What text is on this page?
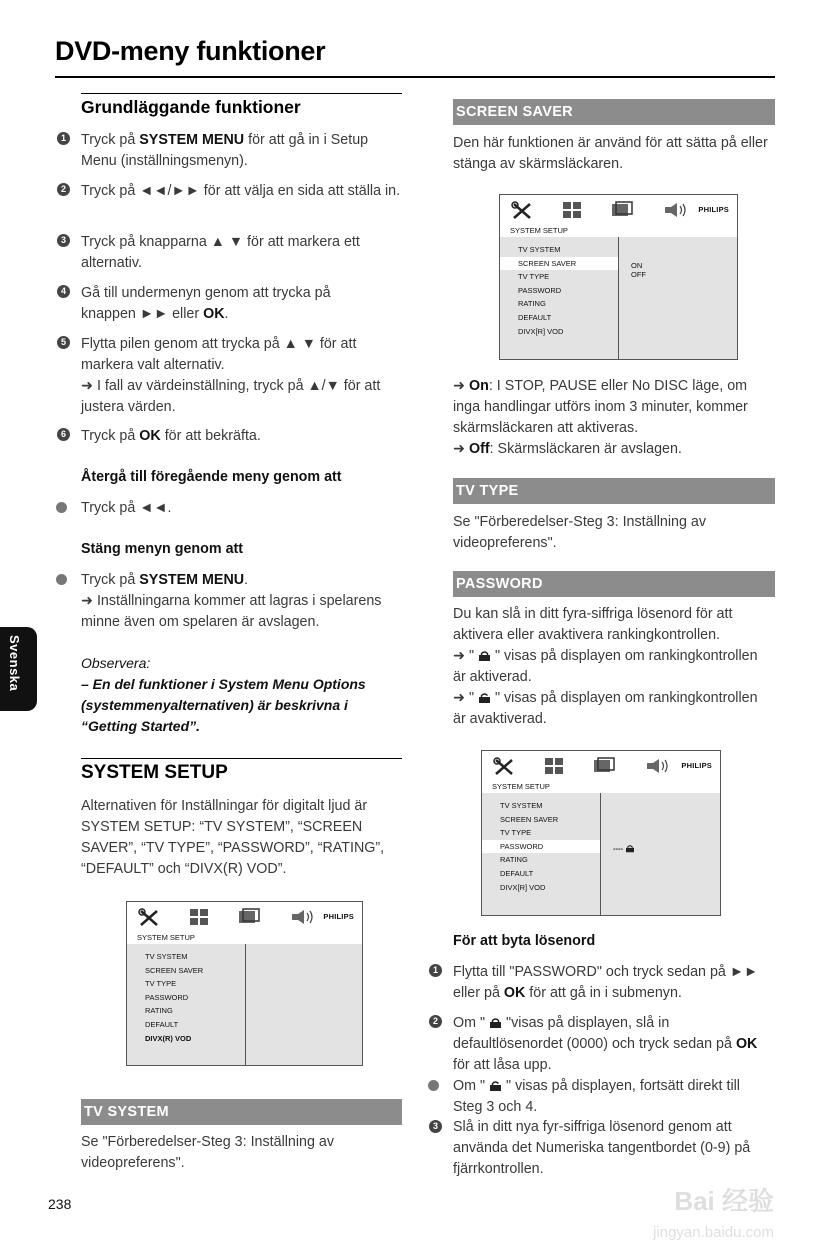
DVD-meny funktioner
Svenska
Grundläggande funktioner
1 Tryck på SYSTEM MENU för att gå in i Setup Menu (inställningsmenyn).
2 Tryck på ◄◄/►► för att välja en sida att ställa in.
3 Tryck på knapparna ▲ ▼ för att markera ett alternativ.
4 Gå till undermenyn genom att trycka på knappen ►► eller OK.
5 Flytta pilen genom att trycka på ▲ ▼ för att markera valt alternativ.
➜ I fall av värdeinställning, tryck på ▲/▼ för att justera värden.
6 Tryck på OK för att bekräfta.
Återgå till föregående meny genom att
Tryck på ◄◄.
Stäng menyn genom att
Tryck på SYSTEM MENU.
➜ Inställningarna kommer att lagras i spelarens minne även om spelaren är avslagen.
Observera:
– En del funktioner i System Menu Options (systemmenyalternativen) är beskrivna i “Getting Started”.
SYSTEM SETUP
Alternativen för Inställningar för digitalt ljud är SYSTEM SETUP: “TV SYSTEM”, “SCREEN SAVER”, “TV TYPE”, “PASSWORD”, “RATING”, “DEFAULT” och “DIVX(R) VOD”.
PHILIPS
SYSTEM SETUP
TV SYSTEM
SCREEN SAVER
TV TYPE
PASSWORD
RATING
DEFAULT
DIVX(R) VOD
TV SYSTEM
Se "Förberedelser-Steg 3: Inställning av videopreferens".
238
SCREEN SAVER
Den här funktionen är använd för att sätta på eller stänga av skärmsläckaren.
PHILIPS
SYSTEM SETUP
TV SYSTEM
SCREEN SAVER
TV TYPE
PASSWORD
RATING
DEFAULT
DIVX[R] VOD
ON
OFF
➜ On: I STOP, PAUSE eller No DISC läge, om inga handlingar utförs inom 3 minuter, kommer skärmsläckaren att aktiveras.
➜ Off: Skärmsläckaren är avslagen.
TV TYPE
Se "Förberedelser-Steg 3: Inställning av videopreferens".
PASSWORD
Du kan slå in ditt fyra-siffriga lösenord för att aktivera eller avaktivera rankingkontrollen.
➜ "  " visas på displayen om rankingkontrollen är aktiverad.
➜ "  " visas på displayen om rankingkontrollen är avaktiverad.
PHILIPS
SYSTEM SETUP
TV SYSTEM
SCREEN SAVER
TV TYPE
PASSWORD
RATING
DEFAULT
DIVX[R] VOD
----
För att byta lösenord
1 Flytta till "PASSWORD" och tryck sedan på ►► eller på OK för att gå in i submenyn.
2 Om " "visas på displayen, slå in defaultlösenordet (0000) och tryck sedan på OK för att låsa upp.
Om " " visas på displayen, fortsätt direkt till Steg 3 och 4.
3 Slå in ditt nya fyr-siffriga lösenord genom att använda det Numeriska tangentbordet (0-9) på fjärrkontrollen.
Bai 经验
jingyan.baidu.com
